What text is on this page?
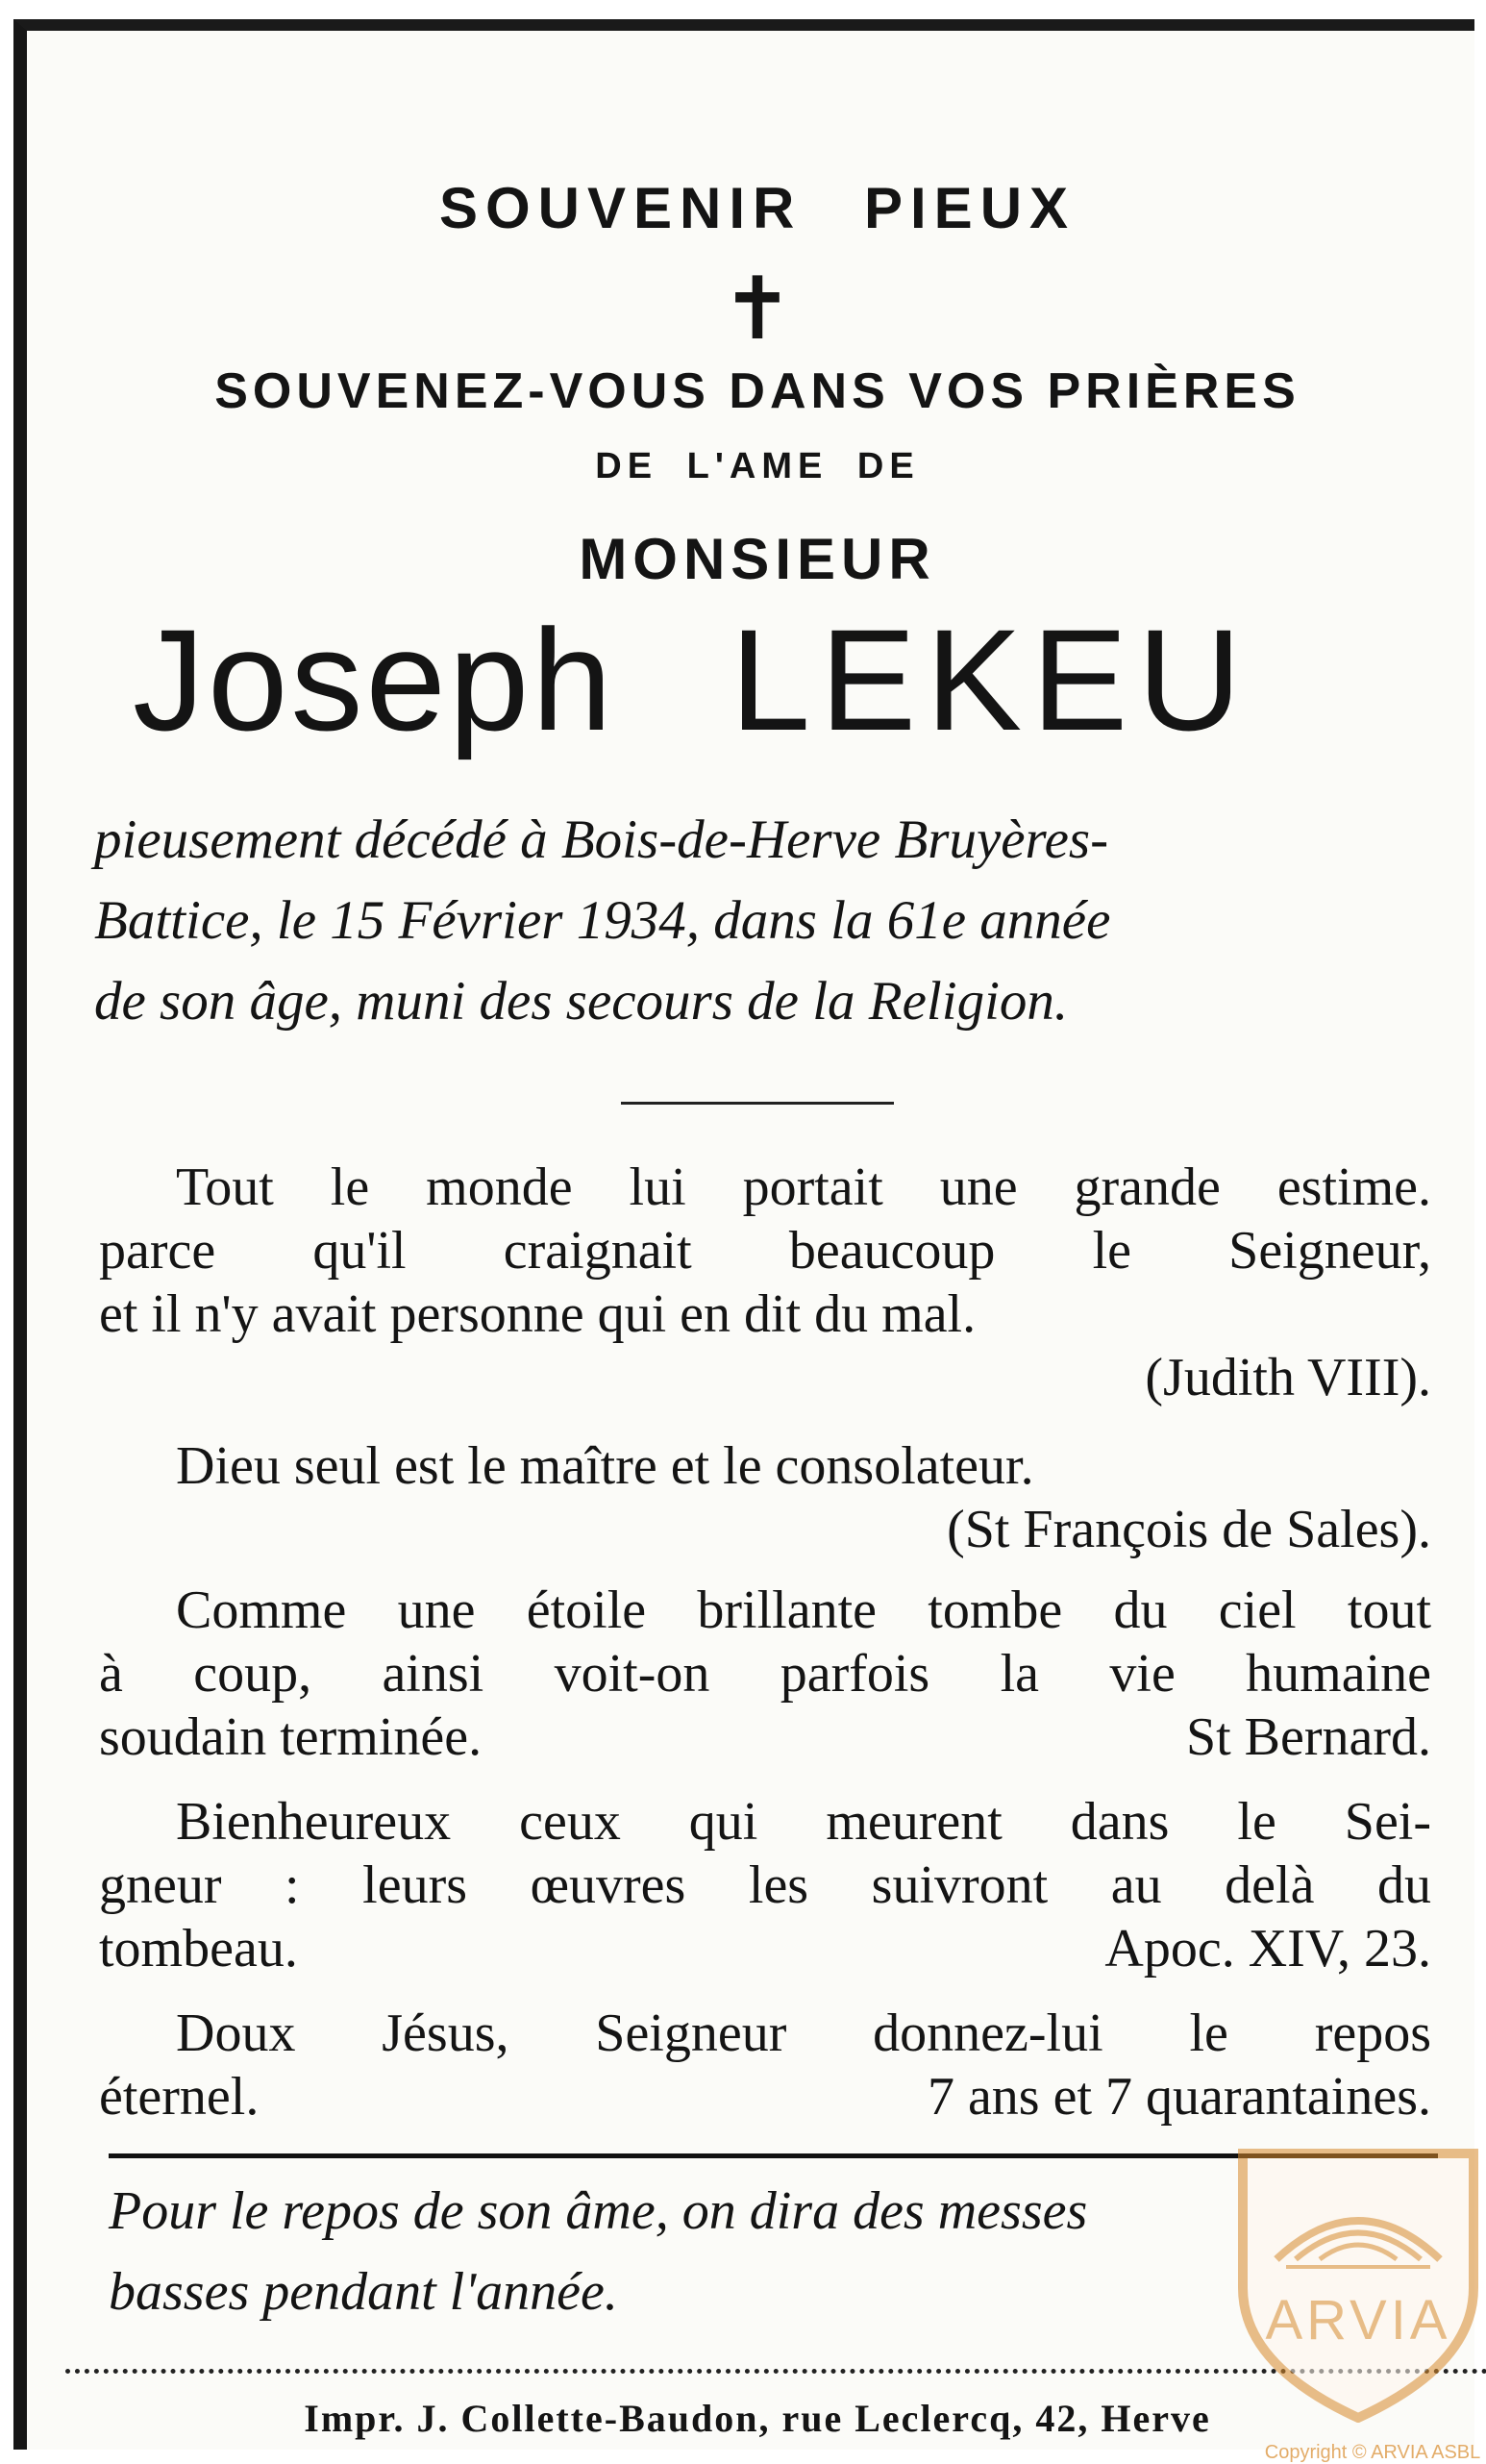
SOUVENIR PIEUX
✝
SOUVENEZ-VOUS DANS VOS PRIÈRES
DE L'AME DE
MONSIEUR
Joseph LEKEU
pieusement décédé à Bois-de-Herve Bruyères-
Battice, le 15 Février 1934, dans la 61e année
de son âge, muni des secours de la Religion.
Tout le monde lui portait une grande estime.
parce qu'il craignait beaucoup le Seigneur,
et il n'y avait personne qui en dit du mal.
(Judith VIII).
Dieu seul est le maître et le consolateur.
(St François de Sales).
Comme une étoile brillante tombe du ciel tout
à coup, ainsi voit-on parfois la vie humaine
soudain terminée.	St Bernard.
Bienheureux ceux qui meurent dans le Sei-
gneur : leurs œuvres les suivront au delà du
tombeau.	Apoc. XIV, 23.
Doux Jésus, Seigneur donnez-lui le repos
éternel.	7 ans et 7 quarantaines.
Pour le repos de son âme, on dira des messes
basses pendant l'année.
Impr. J. Collette-Baudon, rue Leclercq, 42, Herve
ARVIA
Copyright © ARVIA ASBL
